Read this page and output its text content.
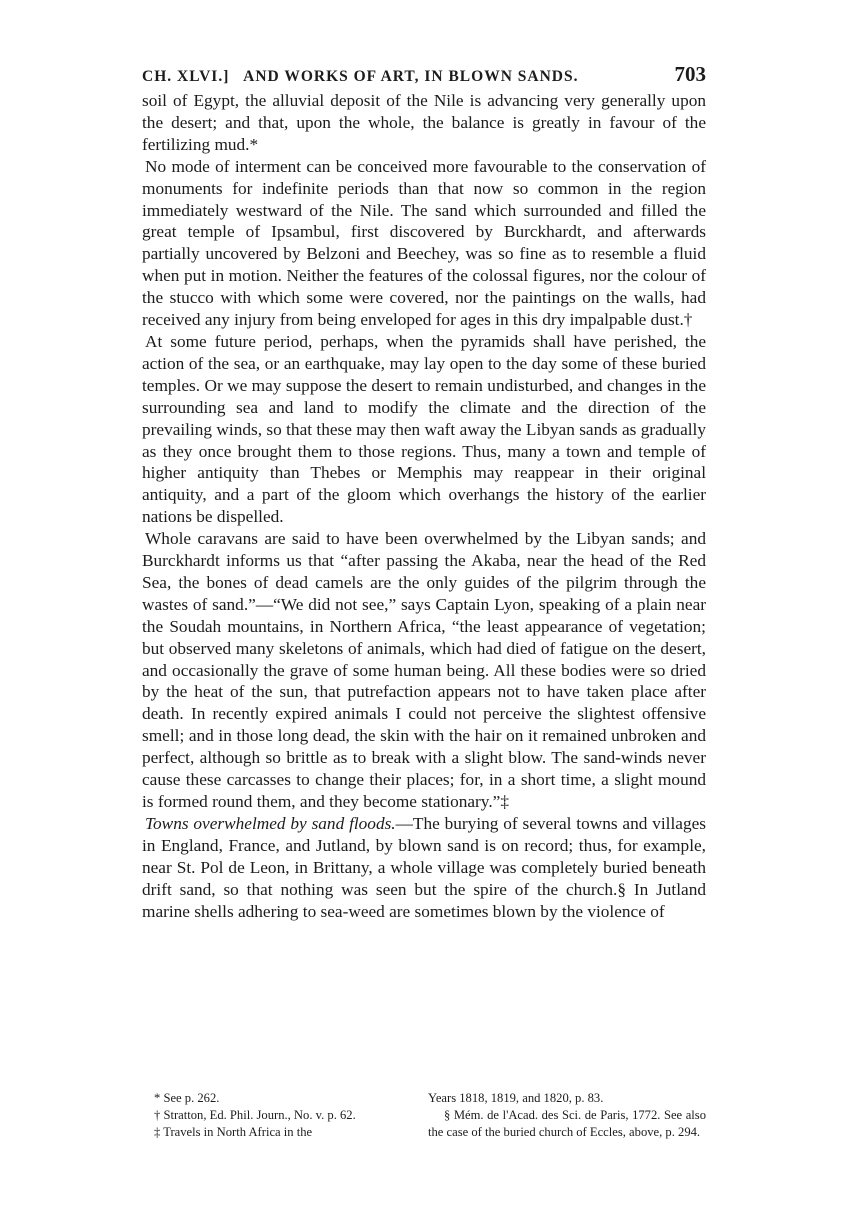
CH. XLVI.]   AND WORKS OF ART, IN BLOWN SANDS.	703

soil of Egypt, the alluvial deposit of the Nile is advancing very generally upon the desert; and that, upon the whole, the balance is greatly in favour of the fertilizing mud.*

No mode of interment can be conceived more favourable to the conservation of monuments for indefinite periods than that now so common in the region immediately westward of the Nile. The sand which surrounded and filled the great temple of Ipsambul, first discovered by Burckhardt, and afterwards partially uncovered by Belzoni and Beechey, was so fine as to resemble a fluid when put in motion. Neither the features of the colossal figures, nor the colour of the stucco with which some were covered, nor the paintings on the walls, had received any injury from being enveloped for ages in this dry impalpable dust.†

At some future period, perhaps, when the pyramids shall have perished, the action of the sea, or an earthquake, may lay open to the day some of these buried temples. Or we may suppose the desert to remain undisturbed, and changes in the surrounding sea and land to modify the climate and the direction of the prevailing winds, so that these may then waft away the Libyan sands as gradually as they once brought them to those regions. Thus, many a town and temple of higher antiquity than Thebes or Memphis may reappear in their original antiquity, and a part of the gloom which overhangs the history of the earlier nations be dispelled.

Whole caravans are said to have been overwhelmed by the Libyan sands; and Burckhardt informs us that “after passing the Akaba, near the head of the Red Sea, the bones of dead camels are the only guides of the pilgrim through the wastes of sand.”—“We did not see,” says Captain Lyon, speaking of a plain near the Soudah mountains, in Northern Africa, “the least appearance of vegetation; but observed many skeletons of animals, which had died of fatigue on the desert, and occasionally the grave of some human being. All these bodies were so dried by the heat of the sun, that putrefaction appears not to have taken place after death. In recently expired animals I could not perceive the slightest offensive smell; and in those long dead, the skin with the hair on it remained unbroken and perfect, although so brittle as to break with a slight blow. The sand-winds never cause these carcasses to change their places; for, in a short time, a slight mound is formed round them, and they become stationary.”‡

Towns overwhelmed by sand floods.—The burying of several towns and villages in England, France, and Jutland, by blown sand is on record; thus, for example, near St. Pol de Leon, in Brittany, a whole village was completely buried beneath drift sand, so that nothing was seen but the spire of the church.§ In Jutland marine shells adhering to sea-weed are sometimes blown by the violence of

* See p. 262.

† Stratton, Ed. Phil. Journ., No. v. p. 62.

‡ Travels in North Africa in the

Years 1818, 1819, and 1820, p. 83.

§ Mém. de l'Acad. des Sci. de Paris, 1772. See also the case of the buried church of Eccles, above, p. 294.
